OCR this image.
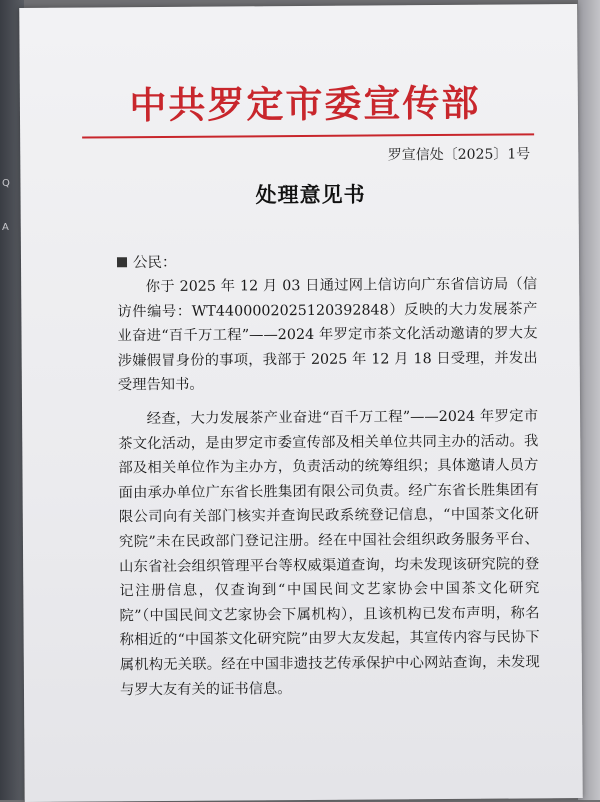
Q
A
中共罗定市委宣传部
罗宣信处〔2025〕1号
处理意见书
公民：

你于 2025 年 12 月 03 日通过网上信访向广东省信访局（信访件编号：WT44000020251203928​48）反映的大力发展茶产业奋进“百千万工程”——2024 年罗定市茶文化活动邀请的罗大友涉嫌假冒身份的事项，我部于 2025 年 12 月 18 日受理，并发出受理告知书。

经查，大力发展茶产业奋进“百千万工程”——2024 年罗定市茶文化活动，是由罗定市委宣传部及相关单位共同主办的活动。我部及相关单位作为主办方，负责活动的统筹组织；具体邀请人员方面由承办单位广东省长胜集团有限公司负责。经广东省长胜集团有限公司向有关部门核实并查询民政系统登记信息，“中国茶文化研究院”未在民政部门登记注册。经在中国社会组织政务服务平台、山东省社会组织管理平台等权威渠道查询，均未发现该研究院的登记注册信息，仅查询到“中国民间文艺家协会中国茶文化研究院”（中国民间文艺家协会下属机构），且该机构已发布声明，称名称相近的“中国茶文化研究院”由罗大友发起，其宣传内容与民协下属机构无关联。经在中国非遗技艺传承保护中心网站查询，未发现与罗大友有关的证书信息。
